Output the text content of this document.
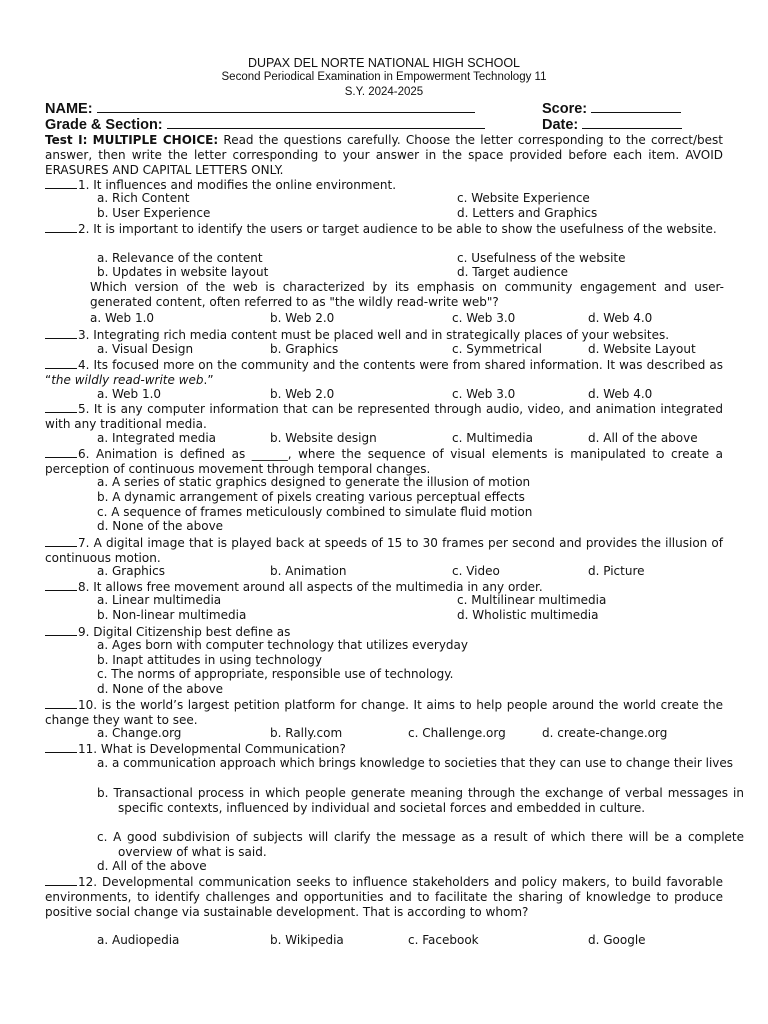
DUPAX DEL NORTE NATIONAL HIGH SCHOOL
Second Periodical Examination in Empowerment Technology 11
S.Y. 2024-2025
NAME:	Score:
Grade & Section:	Date:
Test I: MULTIPLE CHOICE: Read the questions carefully. Choose the letter corresponding to the correct/best answer, then write the letter corresponding to your answer in the space provided before each item. AVOID ERASURES AND CAPITAL LETTERS ONLY.
1. It influences and modifies the online environment.
a. Rich Content	c. Website Experience
b. User Experience	d. Letters and Graphics
2. It is important to identify the users or target audience to be able to show the usefulness of the website.
a. Relevance of the content	c. Usefulness of the website
b. Updates in website layout	d. Target audience
Which version of the web is characterized by its emphasis on community engagement and user-generated content, often referred to as "the wildly read-write web"?
a. Web 1.0	b. Web 2.0	c. Web 3.0	d. Web 4.0
3. Integrating rich media content must be placed well and in strategically places of your websites.
a. Visual Design	b. Graphics	c. Symmetrical	d. Website Layout
4. Its focused more on the community and the contents were from shared information. It was described as “the wildly read-write web.”
a. Web 1.0	b. Web 2.0	c. Web 3.0	d. Web 4.0
5. It is any computer information that can be represented through audio, video, and animation integrated with any traditional media.
a. Integrated media	b. Website design	c. Multimedia	d. All of the above
6. Animation is defined as ______, where the sequence of visual elements is manipulated to create a perception of continuous movement through temporal changes.
a. A series of static graphics designed to generate the illusion of motion
b. A dynamic arrangement of pixels creating various perceptual effects
c. A sequence of frames meticulously combined to simulate fluid motion
d. None of the above
7. A digital image that is played back at speeds of 15 to 30 frames per second and provides the illusion of continuous motion.
a. Graphics	b. Animation	c. Video	d. Picture
8. It allows free movement around all aspects of the multimedia in any order.
a. Linear multimedia	c. Multilinear multimedia
b. Non-linear multimedia	d. Wholistic multimedia
9. Digital Citizenship best define as
a. Ages born with computer technology that utilizes everyday
b. Inapt attitudes in using technology
c. The norms of appropriate, responsible use of technology.
d. None of the above
10. is the world’s largest petition platform for change. It aims to help people around the world create the change they want to see.
a. Change.org	b. Rally.com	c. Challenge.org	d. create-change.org
11. What is Developmental Communication?
a. a communication approach which brings knowledge to societies that they can use to change their lives
b. Transactional process in which people generate meaning through the exchange of verbal messages in specific contexts, influenced by individual and societal forces and embedded in culture.
c. A good subdivision of subjects will clarify the message as a result of which there will be a complete overview of what is said.
d. All of the above
12. Developmental communication seeks to influence stakeholders and policy makers, to build favorable environments, to identify challenges and opportunities and to facilitate the sharing of knowledge to produce positive social change via sustainable development. That is according to whom?
a. Audiopedia	b. Wikipedia	c. Facebook	d. Google
